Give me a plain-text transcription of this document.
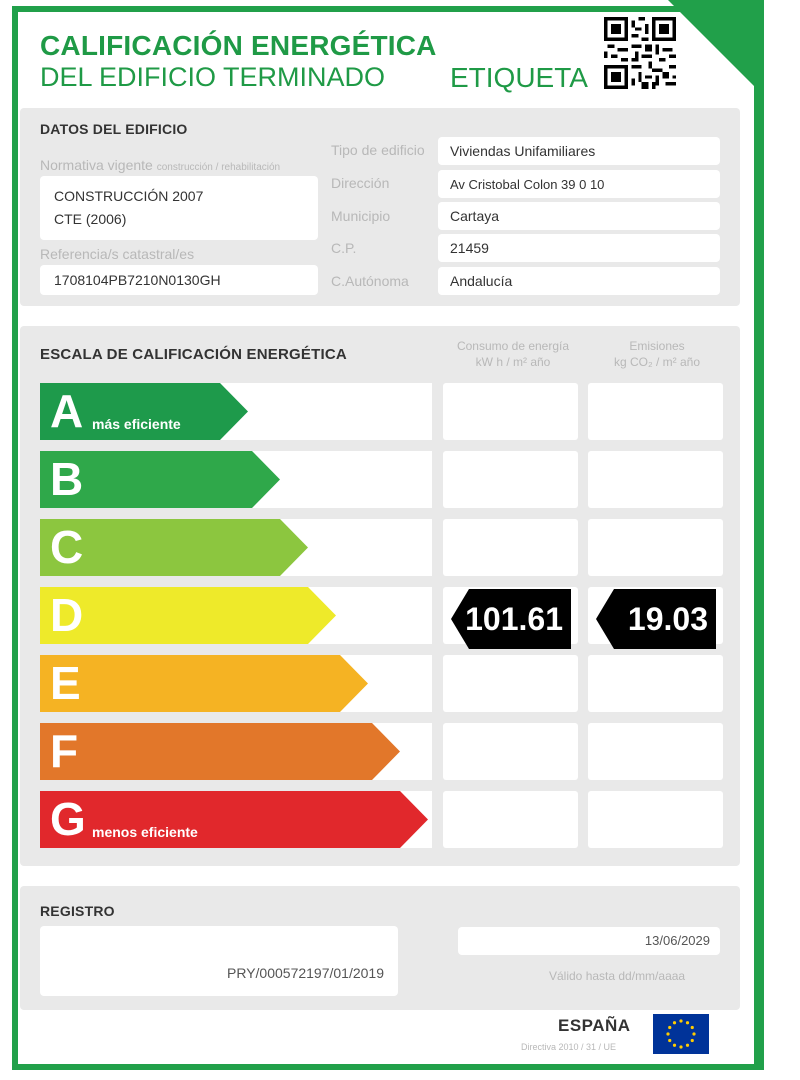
CALIFICACIÓN ENERGÉTICA
DEL EDIFICIO TERMINADO ETIQUETA
DATOS DEL EDIFICIO
Normativa vigente construcción / rehabilitación
CONSTRUCCIÓN 2007
CTE (2006)
Referencia/s catastral/es
1708104PB7210N0130GH
Tipo de edificio Viviendas Unifamiliares
Dirección	Av Cristobal Colon 39 0 10
Municipio	Cartaya
C.P.	21459
C.Autónoma	Andalucía
ESCALA DE CALIFICACIÓN ENERGÉTICA	Consumo de energía
kW h / m² año
Emisiones
kg CO₂ / m² año
A más eficiente
B
C
D	101.61 19.03
E
F
G menos eficiente
REGISTRO
PRY/000572197/01/2019
13/06/2029
Válido hasta dd/mm/aaaa
ESPAÑA
Directiva 2010 / 31 / UE
